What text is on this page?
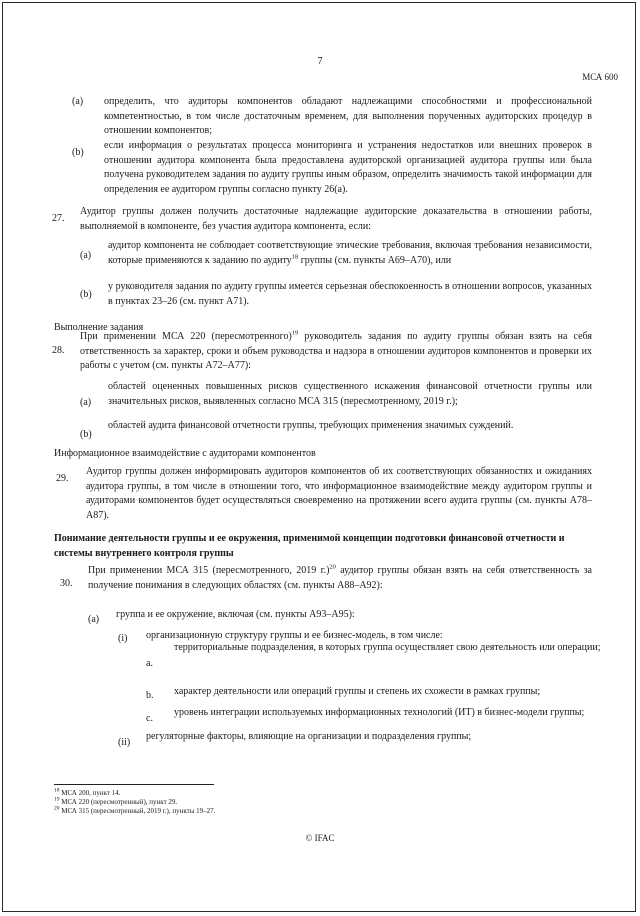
7
МСА 600
(a) определить, что аудиторы компонентов обладают надлежащими способностями и профессиональной компетентностью, в том числе достаточным временем, для выполнения порученных аудиторских процедур в отношении компонентов;
(b)
если информация о результатах процесса мониторинга и устранения недостатков или внешних проверок в отношении аудитора компонента была предоставлена аудиторской организацией аудитора группы или была получена руководителем задания по аудиту группы иным образом, определить значимость такой информации для определения ее аудитором группы согласно пункту 26(a).
27.
Аудитор группы должен получить достаточные надлежащие аудиторские доказательства в отношении работы, выполняемой в компоненте, без участия аудитора компонента, если:
(a)
аудитор компонента не соблюдает соответствующие этические требования, включая требования независимости, которые применяются к заданию по аудиту$^{18}$ группы (см. пункты A69–A70), или
(b)
у руководителя задания по аудиту группы имеется серьезная обеспокоенность в отношении вопросов, указанных в пунктах 23–26 (см. пункт A71).
Выполнение задания
28.
При применении МСА 220 (пересмотренного)$^{19}$ руководитель задания по аудиту группы обязан взять на себя ответственность за характер, сроки и объем руководства и надзора в отношении аудиторов компонентов и проверки их работы с учетом (см. пункты A72–A77):
(a)
областей оцененных повышенных рисков существенного искажения финансовой отчетности группы или значительных рисков, выявленных согласно МСА 315 (пересмотренному, 2019 г.);
(b)
областей аудита финансовой отчетности группы, требующих применения значимых суждений.
Информационное взаимодействие с аудиторами компонентов
29.
Аудитор группы должен информировать аудиторов компонентов об их соответствующих обязанностях и ожиданиях аудитора группы, в том числе в отношении того, что информационное взаимодействие между аудитором группы и аудиторами компонентов будет осуществляться своевременно на протяжении всего аудита группы (см. пункты A78–A87).
Понимание деятельности группы и ее окружения, применимой концепции подготовки финансовой отчетности и системы внутреннего контроля группы
30.
При применении МСА 315 (пересмотренного, 2019 г.)$^{20}$ аудитор группы обязан взять на себя ответственность за получение понимания в следующих областях (см. пункты A88–A92):
(a) группа и ее окружение, включая (см. пункты A93–A95):
(i) организационную структуру группы и ее бизнес-модель, в том числе:
a.
территориальные подразделения, в которых группа осуществляет свою деятельность или операции;
b. характер деятельности или операций группы и степень их схожести в рамках группы;
c.
уровень интеграции используемых информационных технологий (ИТ) в бизнес-модели группы;
(ii)
регуляторные факторы, влияющие на организации и подразделения группы;
$^{18}$ МСА 200, пункт 14.
$^{19}$ МСА 220 (пересмотренный), пункт 29.
$^{20}$ МСА 315 (пересмотренный, 2019 г.), пункты 19–27.
© IFAC
